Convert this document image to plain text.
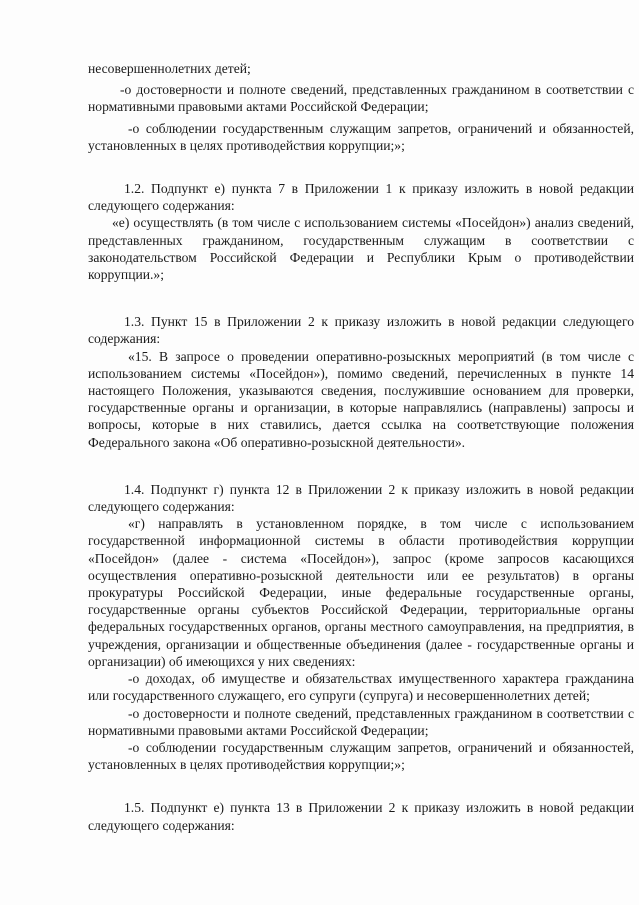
несовершеннолетних детей;

-о достоверности и полноте сведений, представленных гражданином в соответствии с нормативными правовыми актами Российской Федерации;

-о соблюдении государственным служащим запретов, ограничений и обязанностей, установленных в целях противодействия коррупции;»;

1.2. Подпункт е) пункта 7 в Приложении 1 к приказу изложить в новой редакции следующего содержания:

«е) осуществлять (в том числе с использованием системы «Посейдон») анализ сведений, представленных гражданином, государственным служащим в соответствии с законодательством Российской Федерации и Республики Крым о противодействии коррупции.»;

1.3. Пункт 15 в Приложении 2 к приказу изложить в новой редакции следующего содержания:

«15. В запросе о проведении оперативно-розыскных мероприятий (в том числе с использованием системы «Посейдон»), помимо сведений, перечисленных в пункте 14 настоящего Положения, указываются сведения, послужившие основанием для проверки, государственные органы и организации, в которые направлялись (направлены) запросы и вопросы, которые в них ставились, дается ссылка на соответствующие положения Федерального закона «Об оперативно-розыскной деятельности».

1.4. Подпункт г) пункта 12 в Приложении 2 к приказу изложить в новой редакции следующего содержания:

«г) направлять в установленном порядке, в том числе с использованием государственной информационной системы в области противодействия коррупции «Посейдон» (далее - система «Посейдон»), запрос (кроме запросов касающихся осуществления оперативно-розыскной деятельности или ее результатов) в органы прокуратуры Российской Федерации, иные федеральные государственные органы, государственные органы субъектов Российской Федерации, территориальные органы федеральных государственных органов, органы местного самоуправления, на предприятия, в учреждения, организации и общественные объединения (далее - государственные органы и организации) об имеющихся у них сведениях:

-о доходах, об имуществе и обязательствах имущественного характера гражданина или государственного служащего, его супруги (супруга) и несовершеннолетних детей;

-о достоверности и полноте сведений, представленных гражданином в соответствии с нормативными правовыми актами Российской Федерации;

-о соблюдении государственным служащим запретов, ограничений и обязанностей, установленных в целях противодействия коррупции;»;

1.5. Подпункт е) пункта 13 в Приложении 2 к приказу изложить в новой редакции следующего содержания:
